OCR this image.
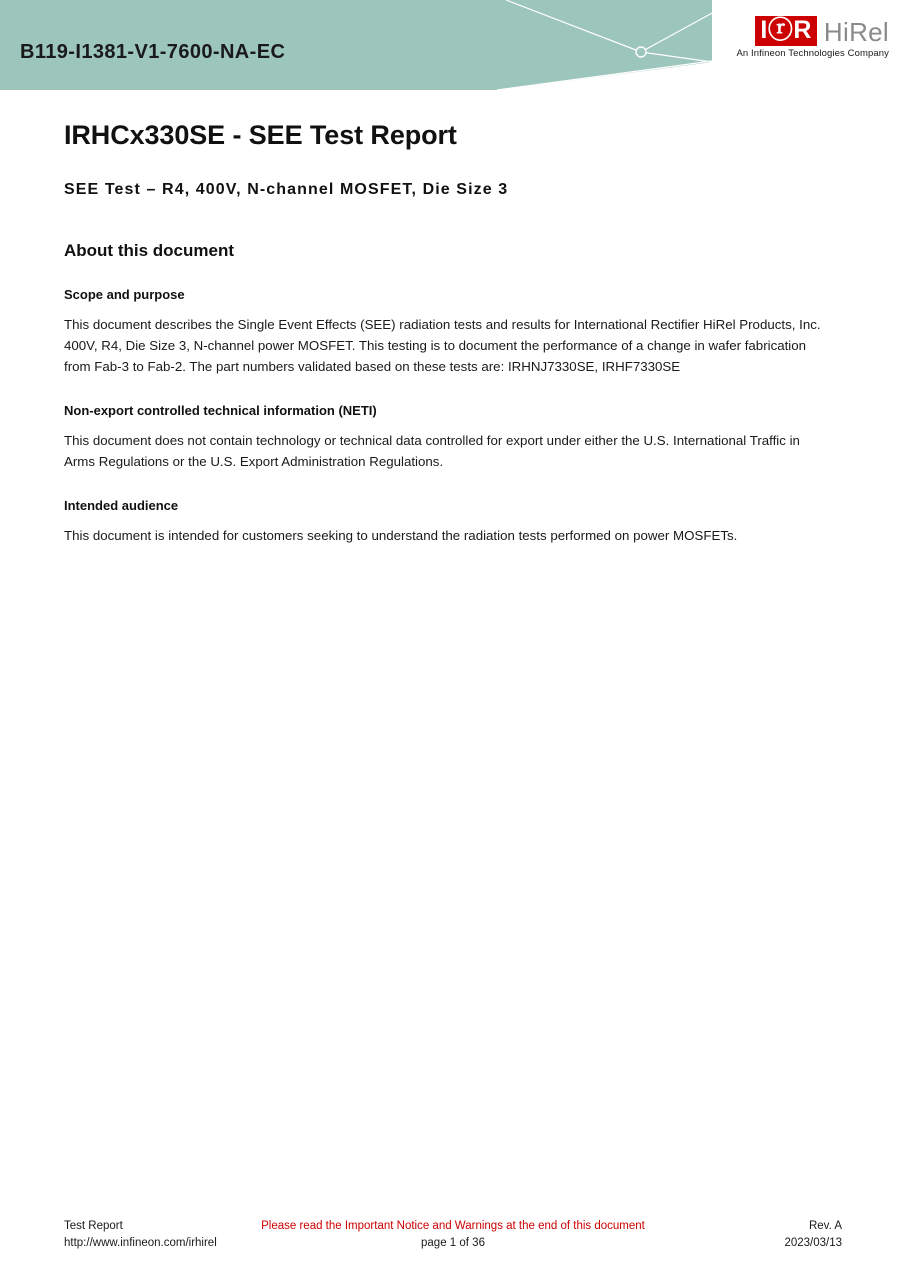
B119-I1381-V1-7600-NA-EC
IⓡR HiRel
An Infineon Technologies Company
IRHCx330SE - SEE Test Report
SEE Test – R4, 400V, N-channel MOSFET, Die Size 3
About this document
Scope and purpose

This document describes the Single Event Effects (SEE) radiation tests and results for International Rectifier HiRel Products, Inc. 400V, R4, Die Size 3, N-channel power MOSFET. This testing is to document the performance of a change in wafer fabrication from Fab-3 to Fab-2. The part numbers validated based on these tests are: IRHNJ7330SE, IRHF7330SE

Non-export controlled technical information (NETI)

This document does not contain technology or technical data controlled for export under either the U.S. International Traffic in Arms Regulations or the U.S. Export Administration Regulations.

Intended audience

This document is intended for customers seeking to understand the radiation tests performed on power MOSFETs.

Test Report	Please read the Important Notice and Warnings at the end of this document	Rev. A
http://www.infineon.com/irhirel	page 1 of 36	2023/03/13
